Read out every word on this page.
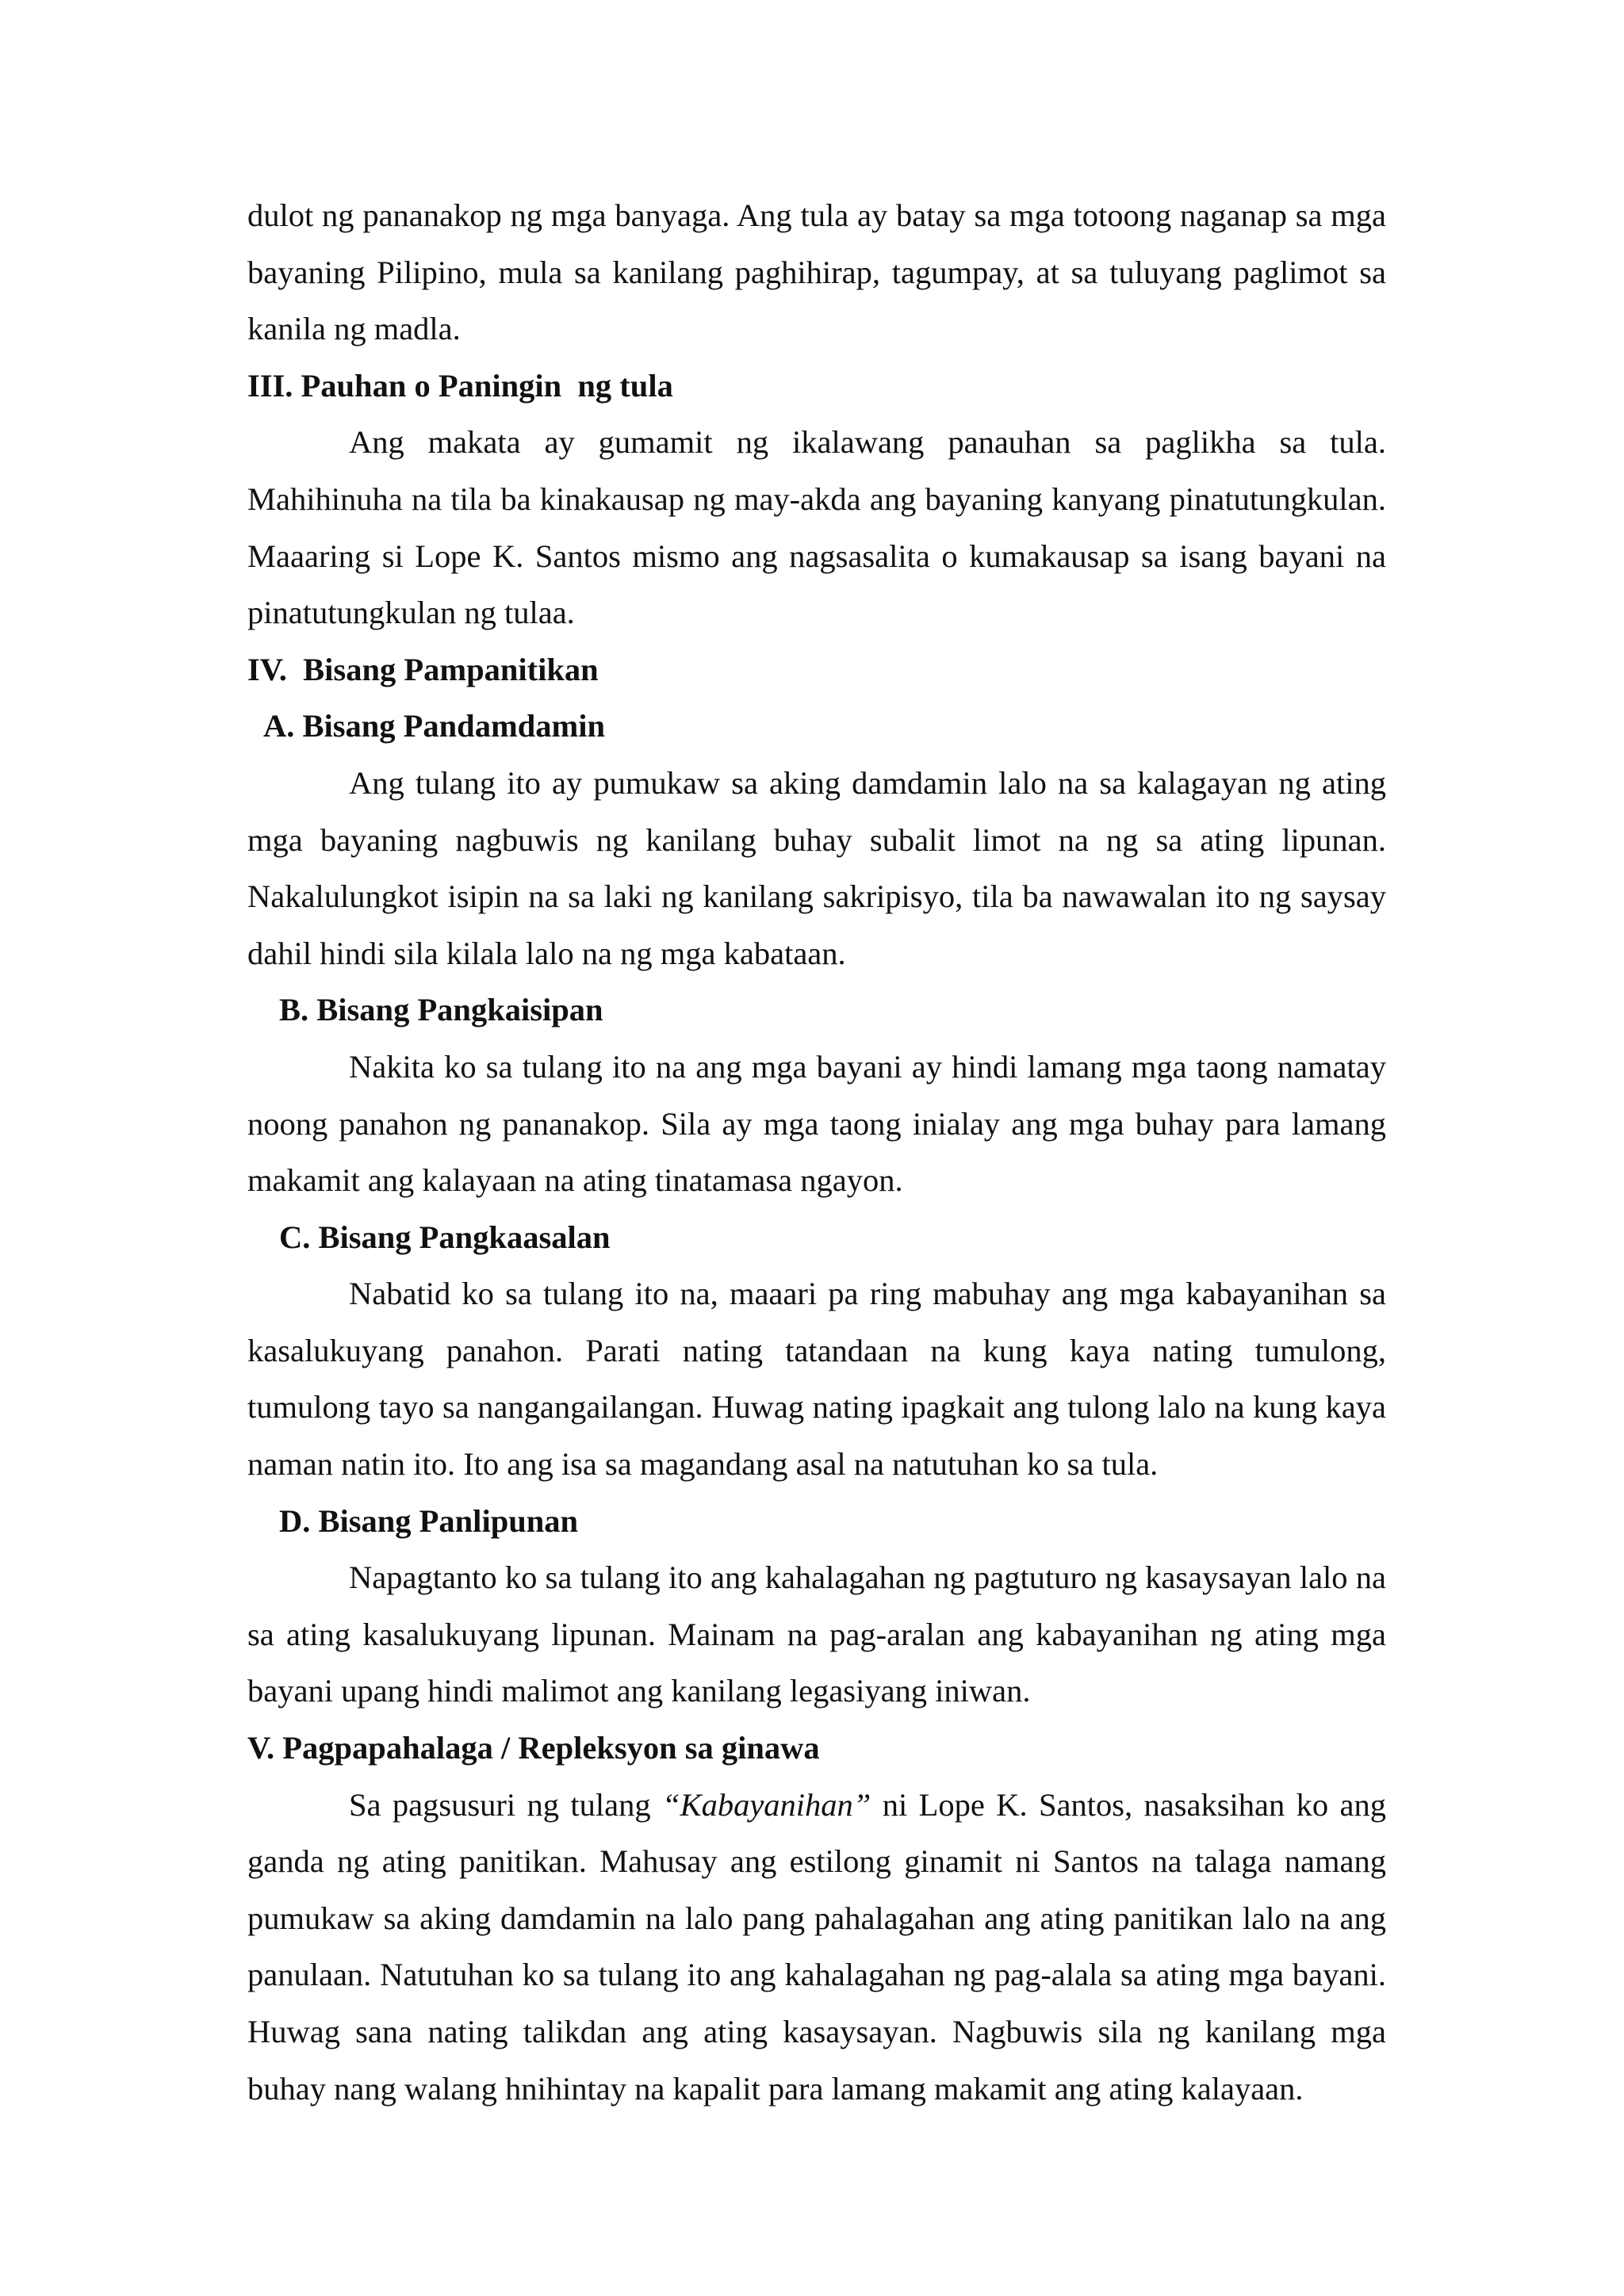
dulot ng pananakop ng mga banyaga. Ang tula ay batay sa mga totoong naganap sa mga bayaning Pilipino, mula sa kanilang paghihirap, tagumpay, at sa tuluyang paglimot sa kanila ng madla.

III. Pauhan o Paningin  ng tula

Ang makata ay gumamit ng ikalawang panauhan sa paglikha sa tula. Mahihinuha na tila ba kinakausap ng may-akda ang bayaning kanyang pinatutungkulan. Maaaring si Lope K. Santos mismo ang nagsasalita o kumakausap sa isang bayani na pinatutungkulan ng tulaa.

IV.  Bisang Pampanitikan
A. Bisang Pandamdamin

Ang tulang ito ay pumukaw sa aking damdamin lalo na sa kalagayan ng ating mga bayaning nagbuwis ng kanilang buhay subalit limot na ng sa ating lipunan. Nakalulungkot isipin na sa laki ng kanilang sakripisyo, tila ba nawawalan ito ng saysay dahil hindi sila kilala lalo na ng mga kabataan.

B. Bisang Pangkaisipan

Nakita ko sa tulang ito na ang mga bayani ay hindi lamang mga taong namatay noong panahon ng pananakop. Sila ay mga taong inialay ang mga buhay para lamang makamit ang kalayaan na ating tinatamasa ngayon.

C. Bisang Pangkaasalan

Nabatid ko sa tulang ito na, maaari pa ring mabuhay ang mga kabayanihan sa kasalukuyang panahon. Parati nating tatandaan na kung kaya nating tumulong, tumulong tayo sa nangangailangan. Huwag nating ipagkait ang tulong lalo na kung kaya naman natin ito. Ito ang isa sa magandang asal na natutuhan ko sa tula.

D. Bisang Panlipunan

Napagtanto ko sa tulang ito ang kahalagahan ng pagtuturo ng kasaysayan lalo na sa ating kasalukuyang lipunan. Mainam na pag-aralan ang kabayanihan ng ating mga bayani upang hindi malimot ang kanilang legasiyang iniwan.

V. Pagpapahalaga / Repleksyon sa ginawa

Sa pagsusuri ng tulang “Kabayanihan” ni Lope K. Santos, nasaksihan ko ang ganda ng ating panitikan. Mahusay ang estilong ginamit ni Santos na talaga namang pumukaw sa aking damdamin na lalo pang pahalagahan ang ating panitikan lalo na ang panulaan. Natutuhan ko sa tulang ito ang kahalagahan ng pag-alala sa ating mga bayani. Huwag sana nating talikdan ang ating kasaysayan. Nagbuwis sila ng kanilang mga buhay nang walang hnihintay na kapalit para lamang makamit ang ating kalayaan.
